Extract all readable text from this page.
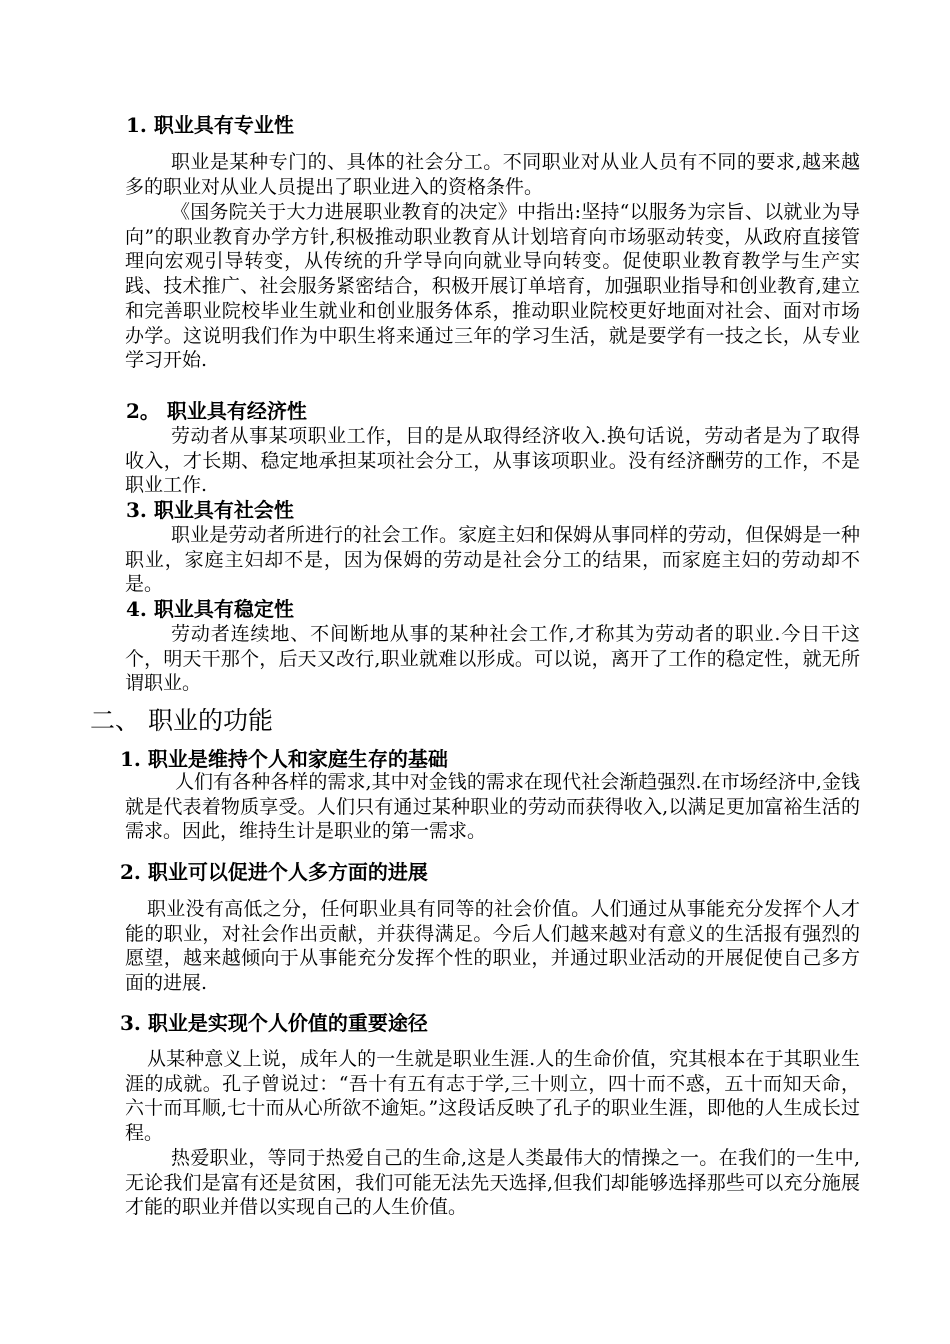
1. 职业具有专业性
职业是某种专门的、具体的社会分工。不同职业对从业人员有不同的要求,越来越多的职业对从业人员提出了职业进入的资格条件。
《国务院关于大力进展职业教育的决定》中指出:坚持“以服务为宗旨、以就业为导向”的职业教育办学方针,积极推动职业教育从计划培育向市场驱动转变，从政府直接管理向宏观引导转变，从传统的升学导向向就业导向转变。促使职业教育教学与生产实践、技术推广、社会服务紧密结合，积极开展订单培育，加强职业指导和创业教育,建立和完善职业院校毕业生就业和创业服务体系，推动职业院校更好地面对社会、面对市场办学。这说明我们作为中职生将来通过三年的学习生活，就是要学有一技之长，从专业学习开始.
2。 职业具有经济性
劳动者从事某项职业工作，目的是从取得经济收入.换句话说，劳动者是为了取得收入，才长期、稳定地承担某项社会分工，从事该项职业。没有经济酬劳的工作，不是职业工作.
3. 职业具有社会性
职业是劳动者所进行的社会工作。家庭主妇和保姆从事同样的劳动，但保姆是一种职业，家庭主妇却不是，因为保姆的劳动是社会分工的结果，而家庭主妇的劳动却不是。
4. 职业具有稳定性
劳动者连续地、不间断地从事的某种社会工作,才称其为劳动者的职业.今日干这个，明天干那个，后天又改行,职业就难以形成。可以说，离开了工作的稳定性，就无所谓职业。
二、 职业的功能
1. 职业是维持个人和家庭生存的基础
人们有各种各样的需求,其中对金钱的需求在现代社会渐趋强烈.在市场经济中,金钱就是代表着物质享受。人们只有通过某种职业的劳动而获得收入,以满足更加富裕生活的需求。因此，维持生计是职业的第一需求。
2. 职业可以促进个人多方面的进展
职业没有高低之分，任何职业具有同等的社会价值。人们通过从事能充分发挥个人才能的职业，对社会作出贡献，并获得满足。今后人们越来越对有意义的生活报有强烈的愿望，越来越倾向于从事能充分发挥个性的职业，并通过职业活动的开展促使自己多方面的进展.
3. 职业是实现个人价值的重要途径
从某种意义上说，成年人的一生就是职业生涯.人的生命价值，究其根本在于其职业生涯的成就。孔子曾说过：“吾十有五有志于学,三十则立，四十而不惑，五十而知天命，六十而耳顺,七十而从心所欲不逾矩。”这段话反映了孔子的职业生涯，即他的人生成长过程。
热爱职业，等同于热爱自己的生命,这是人类最伟大的情操之一。在我们的一生中,无论我们是富有还是贫困，我们可能无法先天选择,但我们却能够选择那些可以充分施展才能的职业并借以实现自己的人生价值。
